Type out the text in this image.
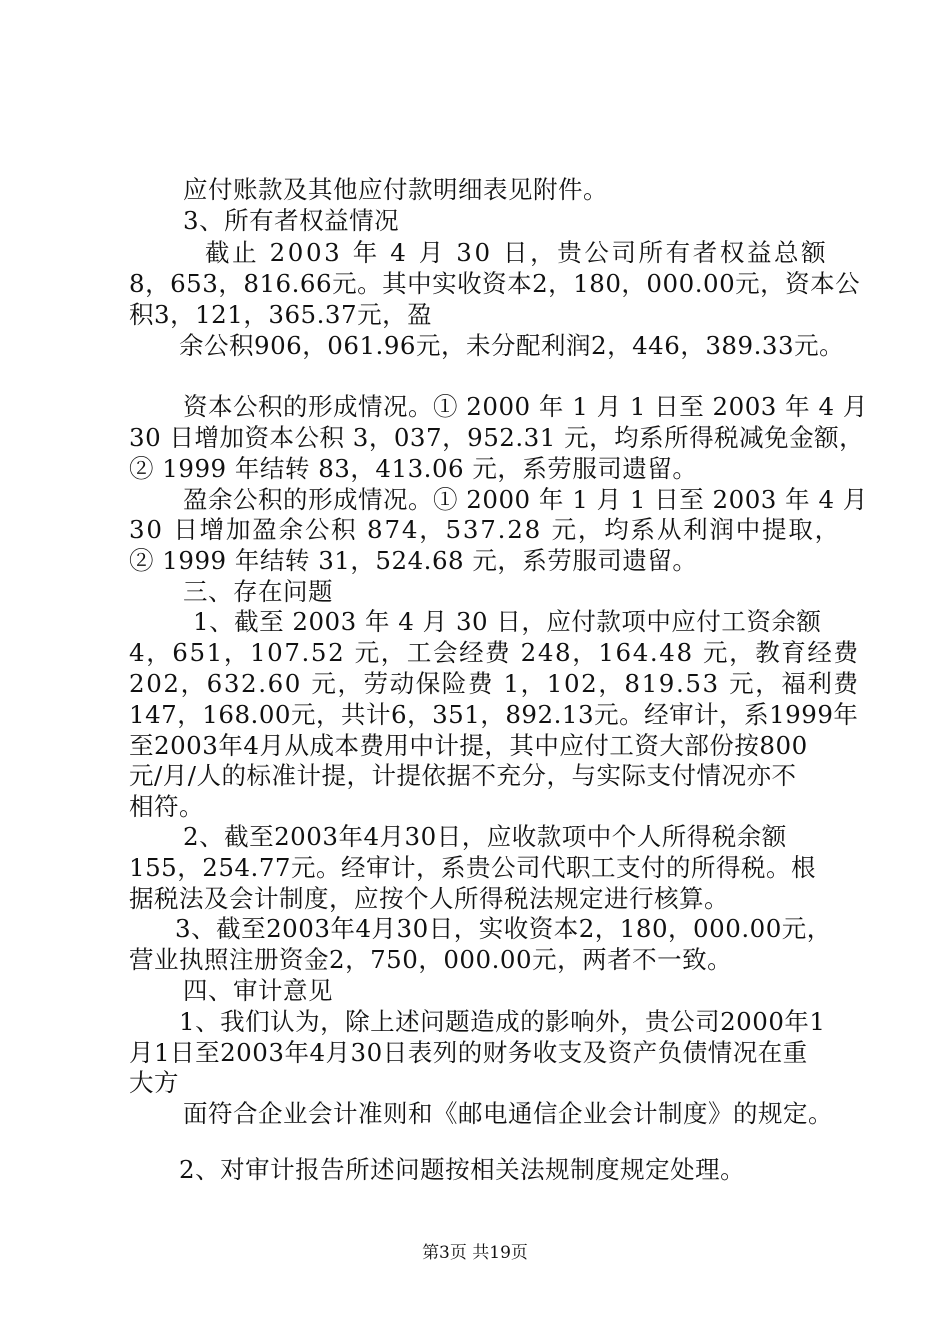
应付账款及其他应付款明细表见附件。
3、所有者权益情况
截止 2003 年 4 月 30 日，贵公司所有者权益总额
8，653，816.66元。其中实收资本2，180，000.00元，资本公
积3，121，365.37元，盈
余公积906，061.96元，未分配利润2，446，389.33元。
资本公积的形成情况。① 2000 年 1 月 1 日至 2003 年 4 月
30 日增加资本公积 3，037，952.31 元，均系所得税减免金额，
② 1999 年结转 83，413.06 元，系劳服司遗留。
盈余公积的形成情况。① 2000 年 1 月 1 日至 2003 年 4 月
30 日增加盈余公积 874，537.28 元，均系从利润中提取，
② 1999 年结转 31，524.68 元，系劳服司遗留。
三、存在问题
1、截至 2003 年 4 月 30 日，应付款项中应付工资余额
4，651，107.52 元，工会经费 248，164.48 元，教育经费
202，632.60 元，劳动保险费 1，102，819.53 元，福利费
147，168.00元，共计6，351，892.13元。经审计，系1999年
至2003年4月从成本费用中计提，其中应付工资大部份按800
元/月/人的标准计提，计提依据不充分，与实际支付情况亦不
相符。
2、截至2003年4月30日，应收款项中个人所得税余额
155，254.77元。经审计，系贵公司代职工支付的所得税。根
据税法及会计制度，应按个人所得税法规定进行核算。
3、截至2003年4月30日，实收资本2，180，000.00元，
营业执照注册资金2，750，000.00元，两者不一致。
四、审计意见
1、我们认为，除上述问题造成的影响外，贵公司2000年1
月1日至2003年4月30日表列的财务收支及资产负债情况在重
大方
面符合企业会计准则和《邮电通信企业会计制度》的规定。
2、对审计报告所述问题按相关法规制度规定处理。
第3页 共19页
